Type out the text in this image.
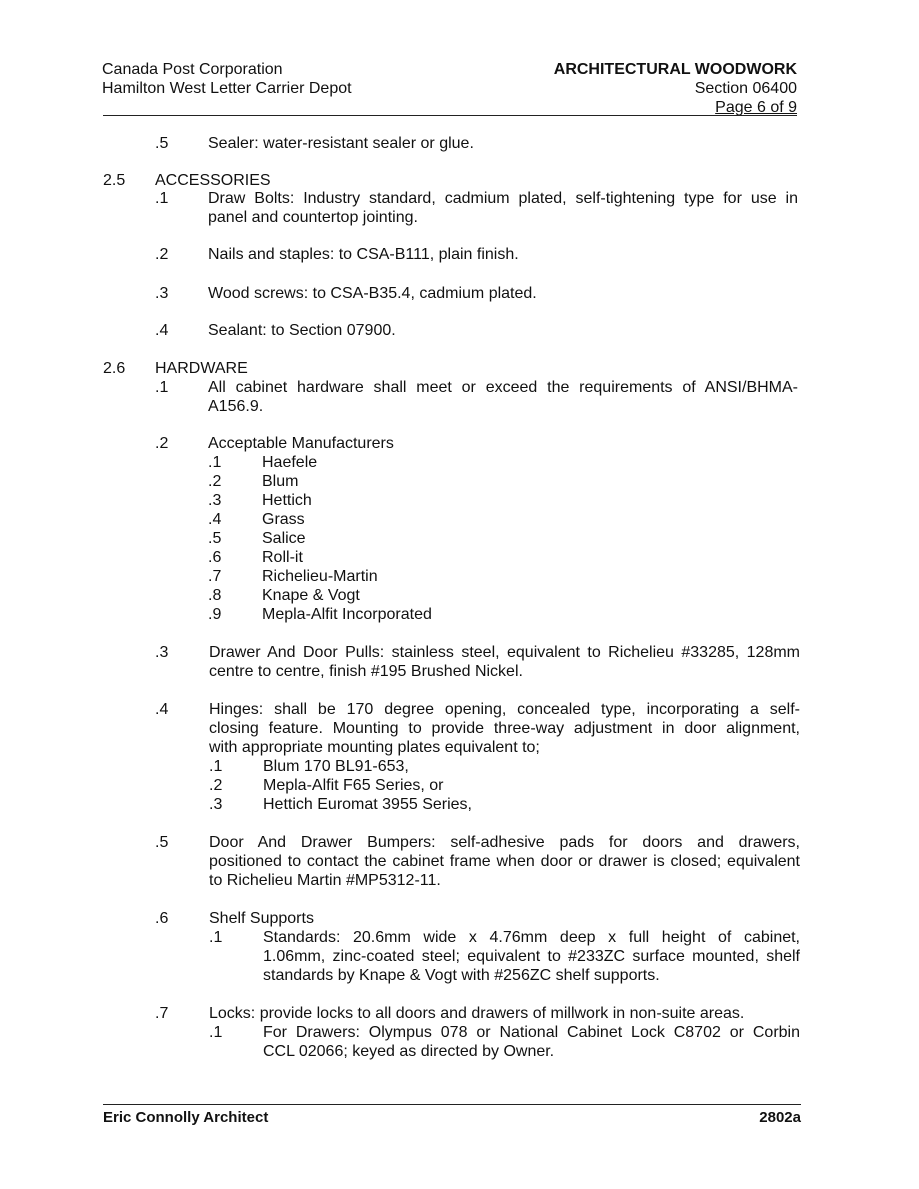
Canada Post Corporation
Hamilton West Letter Carrier Depot
ARCHITECTURAL WOODWORK
Section 06400
Page 6 of 9
.5 Sealer: water-resistant sealer or glue.
2.5 ACCESSORIES
.1 Draw Bolts: Industry standard, cadmium plated, self-tightening type for use in
panel and countertop jointing.
.2 Nails and staples: to CSA-B111, plain finish.
.3 Wood screws: to CSA-B35.4, cadmium plated.
.4 Sealant: to Section 07900.
2.6 HARDWARE
.1 All cabinet hardware shall meet or exceed the requirements of ANSI/BHMA-
A156.9.
.2 Acceptable Manufacturers
.1	Haefele
.2	Blum
.3	Hettich
.4	Grass
.5	Salice
.6	Roll-it
.7	Richelieu-Martin
.8	Knape & Vogt
.9	Mepla-Alfit Incorporated
.3	Drawer And Door Pulls: stainless steel, equivalent to Richelieu #33285, 128mm
centre to centre, finish #195 Brushed Nickel.
.4	Hinges: shall be 170 degree opening, concealed type, incorporating a self-
closing feature. Mounting to provide three-way adjustment in door alignment,
with appropriate mounting plates equivalent to;
.1	Blum 170 BL91-653,
.2	Mepla-Alfit F65 Series, or
.3	Hettich Euromat 3955 Series,
.5	Door And Drawer Bumpers: self-adhesive pads for doors and drawers,
positioned to contact the cabinet frame when door or drawer is closed; equivalent
to Richelieu Martin #MP5312-11.
.6	Shelf Supports
.1	Standards: 20.6mm wide x 4.76mm deep x full height of cabinet,
1.06mm, zinc-coated steel; equivalent to #233ZC surface mounted, shelf
standards by Knape & Vogt with #256ZC shelf supports.
.7	Locks: provide locks to all doors and drawers of millwork in non-suite areas.
.1	For Drawers: Olympus 078 or National Cabinet Lock C8702 or Corbin
CCL 02066; keyed as directed by Owner.
Eric Connolly Architect	2802a
